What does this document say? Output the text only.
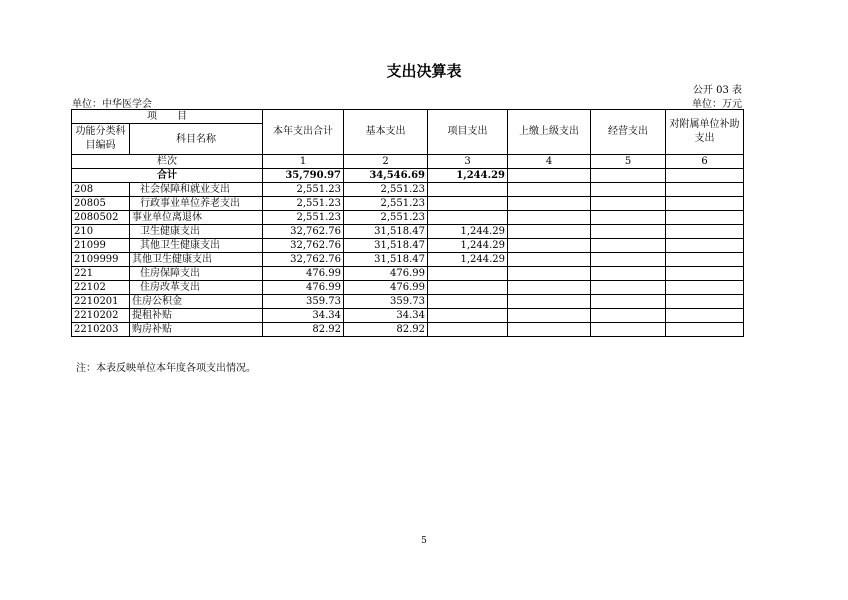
支出决算表
公开 03 表
单位：中华医学会	单位：万元
项　　目		本年支出合计	基本支出	项目支出	上缴上级支出	经营支出	对附属单位补助支出
功能分类科目编码	科目名称						
栏次		1	2	3	4	5	6
合计		35,790.97	34,546.69	1,244.29			
208	社会保障和就业支出	2,551.23	2,551.23				
20805	行政事业单位养老支出	2,551.23	2,551.23				
2080502	事业单位离退休	2,551.23	2,551.23				
210	卫生健康支出	32,762.76	31,518.47	1,244.29			
21099	其他卫生健康支出	32,762.76	31,518.47	1,244.29			
2109999	其他卫生健康支出	32,762.76	31,518.47	1,244.29			
221	住房保障支出	476.99	476.99				
22102	住房改革支出	476.99	476.99				
2210201	住房公积金	359.73	359.73				
2210202	提租补贴	34.34	34.34				
2210203	购房补贴	82.92	82.92				
注：本表反映单位本年度各项支出情况。
5
